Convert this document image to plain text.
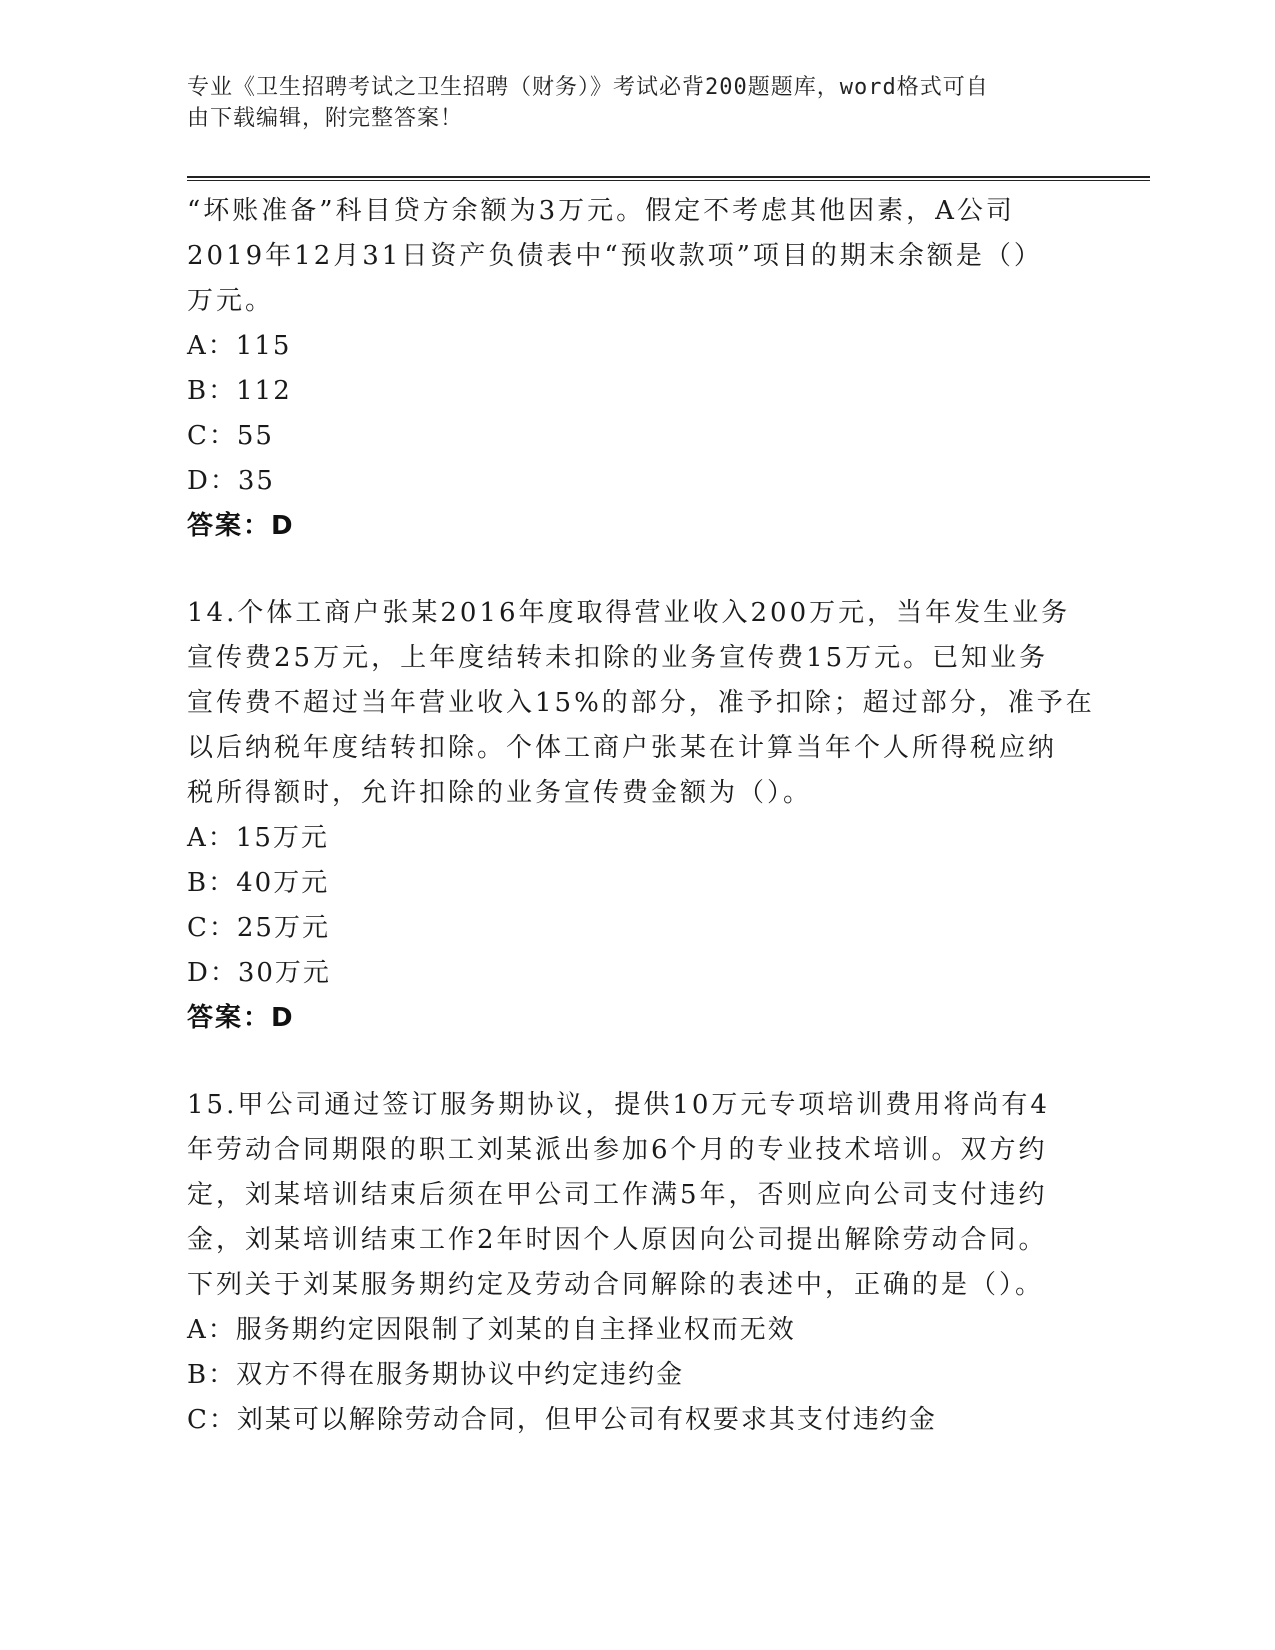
专业《卫生招聘考试之卫生招聘（财务）》考试必背200题题库，word格式可自
由下载编辑，附完整答案！
“坏账准备”科目贷方余额为3万元。假定不考虑其他因素，A公司
2019年12月31日资产负债表中“预收款项”项目的期末余额是（）
万元。
A：115
B：112
C：55
D：35
答案：D
14.个体工商户张某2016年度取得营业收入200万元，当年发生业务
宣传费25万元，上年度结转未扣除的业务宣传费15万元。已知业务
宣传费不超过当年营业收入15%的部分，准予扣除；超过部分，准予在
以后纳税年度结转扣除。个体工商户张某在计算当年个人所得税应纳
税所得额时，允许扣除的业务宣传费金额为（）。
A：15万元
B：40万元
C：25万元
D：30万元
答案：D
15.甲公司通过签订服务期协议，提供10万元专项培训费用将尚有4
年劳动合同期限的职工刘某派出参加6个月的专业技术培训。双方约
定，刘某培训结束后须在甲公司工作满5年，否则应向公司支付违约
金，刘某培训结束工作2年时因个人原因向公司提出解除劳动合同。
下列关于刘某服务期约定及劳动合同解除的表述中，正确的是（）。
A：服务期约定因限制了刘某的自主择业权而无效
B：双方不得在服务期协议中约定违约金
C：刘某可以解除劳动合同，但甲公司有权要求其支付违约金
